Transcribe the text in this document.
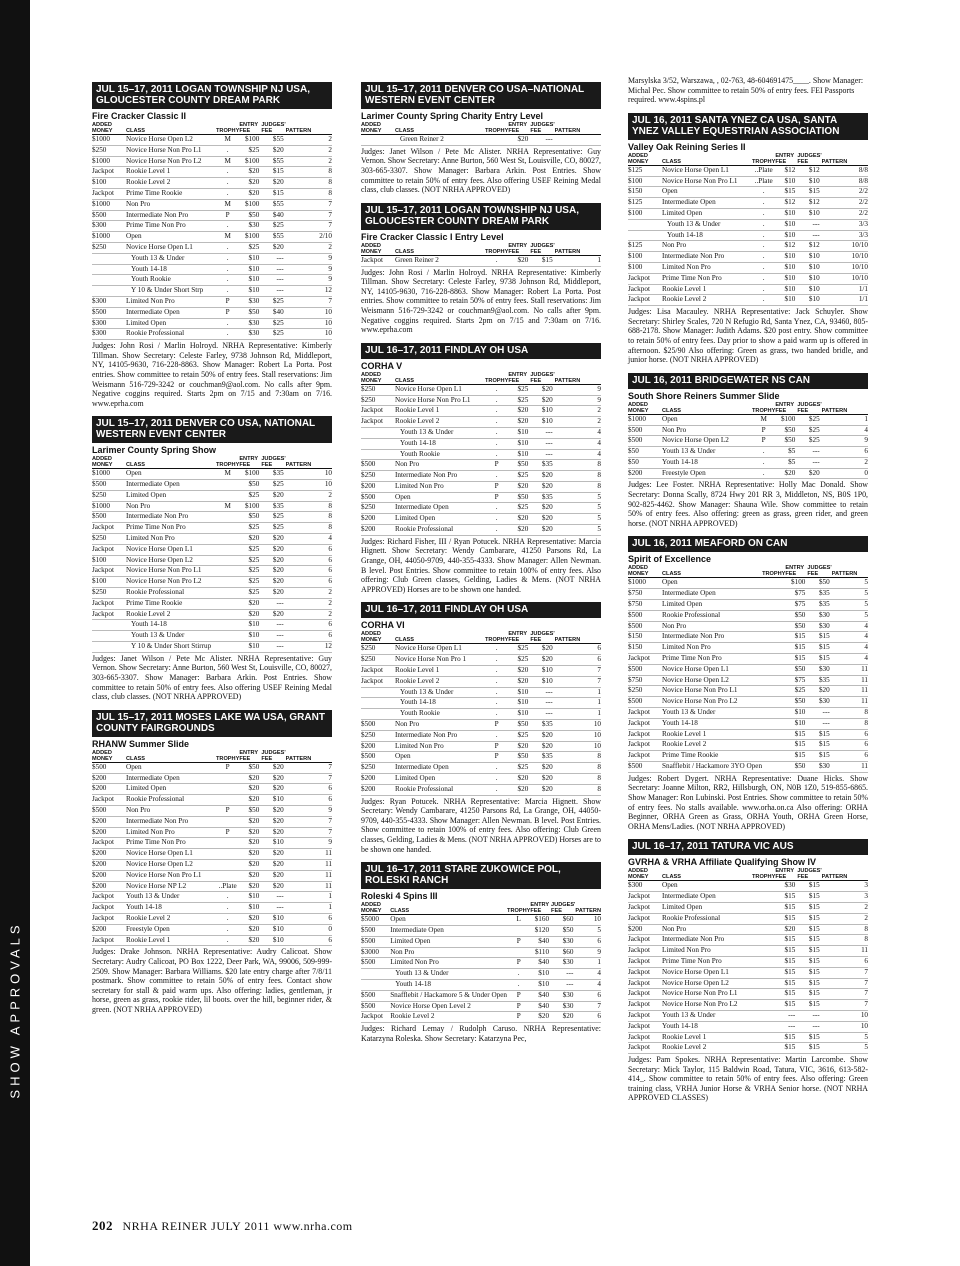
SHOW APPROVALS
JUL 15–17, 2011 LOGAN TOWNSHIP NJ USA, GLOUCESTER COUNTY DREAM PARK
Fire Cracker Classic II
ADDED
MONEY	CLASS	TROPHY	ENTRY
FEE	JUDGES'
FEE	PATTERN
$1000	Novice Horse Open L2	M	$100	$55	2
$250	Novice Horse Non Pro L1	.	$25	$20	2
$1000	Novice Horse Non Pro L2	M	$100	$55	2
Jackpot	Rookie Level 1	.	$20	$15	8
$100	Rookie Level 2	.	$20	$20	8
Jackpot	Prime Time Rookie	.	$20	$15	8
$1000	Non Pro	M	$100	$55	7
$500	Intermediate Non Pro	P	$50	$40	7
$300	Prime Time Non Pro	.	$30	$25	7
$1000	Open	M	$100	$55	2/10
$250	Novice Horse Open L1	.	$25	$20	2
	Youth 13 & Under	.	$10	---	9
	Youth 14-18	.	$10	---	9
	Youth Rookie	.	$10	---	9
	Y 10 & Under Short Strp	.	$10	---	12
$300	Limited Non Pro	P	$30	$25	7
$500	Intermediate Open	P	$50	$40	10
$300	Limited Open	.	$30	$25	10
$300	Rookie Professional	.	$30	$25	10
Judges: John Rosi / Marlin Holroyd. NRHA Representative: Kimberly Tillman. Show Secretary: Celeste Farley, 9738 Johnson Rd, Middleport, NY, 14105-9630, 716-228-8863. Show Manager: Robert La Porta. Post entries. Show committee to retain 50% of entry fees. Stall reservations: Jim Weismann 516-729-3242 or couchman9@aol.com. No calls after 9pm. Negative coggins required. Starts 2pm on 7/15 and 7:30am on 7/16. www.eprha.com
JUL 15–17, 2011 DENVER CO USA, NATIONAL WESTERN EVENT CENTER
Larimer County Spring Show
ADDED
MONEY	CLASS	TROPHY	ENTRY
FEE	JUDGES'
FEE	PATTERN
$1000	Open	M	$100	$35	10
$500	Intermediate Open		$50	$25	10
$250	Limited Open		$25	$20	2
$1000	Non Pro	M	$100	$35	8
$500	Intermediate Non Pro		$50	$25	8
Jackpot	Prime Time Non Pro		$25	$25	8
$250	Limited Non Pro		$20	$20	4
Jackpot	Novice Horse Open L1		$25	$20	6
$100	Novice Horse Open L2		$25	$20	6
Jackpot	Novice Horse Non Pro L1		$25	$20	6
$100	Novice Horse Non Pro L2		$25	$20	6
$250	Rookie Professional		$25	$20	2
Jackpot	Prime Time Rookie		$20	---	2
Jackpot	Rookie Level 2		$20	$20	2
	Youth 14-18		$10	---	6
	Youth 13 & Under		$10	---	6
	Y 10 & Under Short Stirrup		$10	---	12
Judges: Janet Wilson / Pete Mc Alister. NRHA Representative: Guy Vernon. Show Secretary: Anne Burton, 560 West St, Louisville, CO, 80027, 303-665-3307. Show Manager: Barbara Arkin. Post Entries. Show committee to retain 50% of entry fees. Also offering USEF Reining Medal class, club classes. (NOT NRHA APPROVED)
JUL 15–17, 2011 MOSES LAKE WA USA, GRANT COUNTY FAIRGROUNDS
RHANW Summer Slide
ADDED
MONEY	CLASS	TROPHY	ENTRY
FEE	JUDGES'
FEE	PATTERN
$500	Open	P	$50	$20	7
$200	Intermediate Open		$20	$20	7
$200	Limited Open		$20	$20	6
Jackpot	Rookie Professional		$20	$10	6
$500	Non Pro	P	$50	$20	9
$200	Intermediate Non Pro		$20	$20	7
$200	Limited Non Pro	P	$20	$20	7
Jackpot	Prime Time Non Pro		$20	$10	9
$200	Novice Horse Open L1		$20	$20	11
$200	Novice Horse Open L2		$20	$20	11
$200	Novice Horse Non Pro L1		$20	$20	11
$200	Novice Horse NP L2	..Plate	$20	$20	11
Jackpot	Youth 13 & Under	.	$10	---	1
Jackpot	Youth 14-18	.	$10	---	1
Jackpot	Rookie Level 2	.	$20	$10	6
$200	Freestyle Open	.	$20	$10	0
Jackpot	Rookie Level 1	.	$20	$10	6
Judges: Drake Johnson. NRHA Representative: Audry Calicoat. Show Secretary: Audry Calicoat, PO Box 1222, Deer Park, WA, 99006, 509-999-2509. Show Manager: Barbara Williams. $20 late entry charge after 7/8/11 postmark. Show committee to retain 50% of entry fees. Contact show secretary for stall & paid warm ups. Also offering: ladies, gentleman, jr horse, green as grass, rookie rider, lil boots. over the hill, beginner rider, & green. (NOT NRHA APPROVED)
JUL 15–17, 2011 DENVER CO USA–NATIONAL WESTERN EVENT CENTER
Larimer County Spring Charity Entry Level
ADDED
MONEY	CLASS	TROPHY	ENTRY
FEE	JUDGES'
FEE	PATTERN
	Green Reiner 2		$20	---	
Judges: Janet Wilson / Pete Mc Alister. NRHA Representative: Guy Vernon. Show Secretary: Anne Burton, 560 West St, Louisville, CO, 80027, 303-665-3307. Show Manager: Barbara Arkin. Post Entries. Show committee to retain 50% of entry fees. Also offering USEF Reining Medal class, club classes. (NOT NRHA APPROVED)
JUL 15–17, 2011 LOGAN TOWNSHIP NJ USA, GLOUCESTER COUNTY DREAM PARK
Fire Cracker Classic I Entry Level
ADDED
MONEY	CLASS	TROPHY	ENTRY
FEE	JUDGES'
FEE	PATTERN
Jackpot	Green Reiner 2	.	$20	$15	1
Judges: John Rosi / Marlin Holroyd. NRHA Representative: Kimberly Tillman. Show Secretary: Celeste Farley, 9738 Johnson Rd, Middleport, NY, 14105-9630, 716-228-8863. Show Manager: Robert La Porta. Post entries. Show committee to retain 50% of entry fees. Stall reservations: Jim Weismann 516-729-3242 or couchman9@aol.com. No calls after 9pm. Negative coggins required. Starts 2pm on 7/15 and 7:30am on 7/16. www.eprha.com
JUL 16–17, 2011 FINDLAY OH USA
CORHA V
ADDED
MONEY	CLASS	TROPHY	ENTRY
FEE	JUDGES'
FEE	PATTERN
$250	Novice Horse Open L1	.	$25	$20	9
$250	Novice Horse Non Pro L1	.	$25	$20	9
Jackpot	Rookie Level 1	.	$20	$10	2
Jackpot	Rookie Level 2	.	$20	$10	2
	Youth 13 & Under	.	$10	---	4
	Youth 14-18	.	$10	---	4
	Youth Rookie	.	$10	---	4
$500	Non Pro	P	$50	$35	8
$250	Intermediate Non Pro	.	$25	$20	8
$200	Limited Non Pro	P	$20	$20	8
$500	Open	P	$50	$35	5
$250	Intermediate Open	.	$25	$20	5
$200	Limited Open	.	$20	$20	5
$200	Rookie Professional	.	$20	$20	5
Judges: Richard Fisher, III / Ryan Potucek. NRHA Representative: Marcia Hignett. Show Secretary: Wendy Cambarare, 41250 Parsons Rd, La Grange, OH, 44050-9709, 440-355-4333. Show Manager: Allen Newman. B level. Post Entries. Show committee to retain 100% of entry fees. Also offering: Club Green classes, Gelding, Ladies & Mens. (NOT NRHA APPROVED) Horses are to be shown one handed.
JUL 16–17, 2011 FINDLAY OH USA
CORHA VI
ADDED
MONEY	CLASS	TROPHY	ENTRY
FEE	JUDGES'
FEE	PATTERN
$250	Novice Horse Open L1	.	$25	$20	6
$250	Novice Horse Non Pro 1	.	$25	$20	6
Jackpot	Rookie Level 1	.	$20	$10	7
Jackpot	Rookie Level 2	.	$20	$10	7
	Youth 13 & Under	.	$10	---	1
	Youth 14-18	.	$10	---	1
	Youth Rookie	.	$10	---	1
$500	Non Pro	P	$50	$35	10
$250	Intermediate Non Pro	.	$25	$20	10
$200	Limited Non Pro	P	$20	$20	10
$500	Open	P	$50	$35	8
$250	Intermediate Open	.	$25	$20	8
$200	Limited Open	.	$20	$20	8
$200	Rookie Professional	.	$20	$20	8
Judges: Ryan Potucek. NRHA Representative: Marcia Hignett. Show Secretary: Wendy Cambarare, 41250 Parsons Rd, La Grange, OH, 44050-9709, 440-355-4333. Show Manager: Allen Newman. B level. Post Entries. Show committee to retain 100% of entry fees. Also offering: Club Green classes, Gelding, Ladies & Mens. (NOT NRHA APPROVED) Horses are to be shown one handed.
JUL 16–17, 2011 STARE ZUKOWICE POL, ROLESKI RANCH
Roleski 4 Spins III
ADDED
MONEY	CLASS	TROPHY	ENTRY
FEE	JUDGES'
FEE	PATTERN
$5000	Open	L	$160	$60	10
$500	Intermediate Open		$120	$50	5
$500	Limited Open	P	$40	$30	6
$3000	Non Pro		$110	$60	9
$500	Limited Non Pro	P	$40	$30	1
	Youth 13 & Under	.	$10	---	4
	Youth 14-18	.	$10	---	4
$500	Snafflebit / Hackamore 5 & Under Open	P	$40	$30	6
$500	Novice Horse Open Level 2	P	$40	$30	7
Jackpot	Rookie Level 2	P	$20	$20	6
Judges: Richard Lemay / Rudolph Caruso. NRHA Representative: Katarzyna Roleska. Show Secretary: Katarzyna Pec,
Marsylska 3/52, Warszawa, , 02-763, 48-604691475____. Show Manager: Michal Pec. Show committee to retain 50% of entry fees. FEI Passports required. www.4spins.pl
JUL 16, 2011 SANTA YNEZ CA USA, SANTA YNEZ VALLEY EQUESTRIAN ASSOCIATION
Valley Oak Reining Series II
ADDED
MONEY	CLASS	TROPHY	ENTRY
FEE	JUDGES'
FEE	PATTERN
$125	Novice Horse Open L1	..Plate	$12	$12	8/8
$100	Novice Horse Non Pro L1	..Plate	$10	$10	8/8
$150	Open	.	$15	$15	2/2
$125	Intermediate Open	.	$12	$12	2/2
$100	Limited Open	.	$10	$10	2/2
	Youth 13 & Under	.	$10	---	3/3
	Youth 14-18	.	$10	---	3/3
$125	Non Pro	.	$12	$12	10/10
$100	Intermediate Non Pro	.	$10	$10	10/10
$100	Limited Non Pro	.	$10	$10	10/10
Jackpot	Prime Time Non Pro	.	$10	$10	10/10
Jackpot	Rookie Level 1	.	$10	$10	1/1
Jackpot	Rookie Level 2	.	$10	$10	1/1
Judges: Lisa Macauley. NRHA Representative: Jack Schuyler. Show Secretary: Shirley Scales, 720 N Refugio Rd, Santa Ynez, CA, 93460, 805-688-2178. Show Manager: Judith Adams. $20 post entry. Show committee to retain 50% of entry fees. Day prior to show a paid warm up is offered in afternoon. $25/90 Also offering: Green as grass, two handed bridle, and junior horse. (NOT NRHA APPROVED)
JUL 16, 2011 BRIDGEWATER NS CAN
South Shore Reiners Summer Slide
ADDED
MONEY	CLASS	TROPHY	ENTRY
FEE	JUDGES'
FEE	PATTERN
$1000	Open	M	$100	$25	1
$500	Non Pro	P	$50	$25	4
$500	Novice Horse Open L2	P	$50	$25	9
$50	Youth 13 & Under	.	$5	---	6
$50	Youth 14-18	.	$5	---	2
$200	Freestyle Open	.	$20	$20	0
Judges: Lee Foster. NRHA Representative: Holly Mac Donald. Show Secretary: Donna Scally, 8724 Hwy 201 RR 3, Middleton, NS, B0S 1P0, 902-825-4462. Show Manager: Shauna Wile. Show committee to retain 50% of entry fees. Also offering: green as grass, green rider, and green horse. (NOT NRHA APPROVED)
JUL 16, 2011 MEAFORD ON CAN
Spirit of Excellence
ADDED
MONEY	CLASS	TROPHY	ENTRY
FEE	JUDGES'
FEE	PATTERN
$1000	Open		$100	$50	5
$750	Intermediate Open		$75	$35	5
$750	Limited Open		$75	$35	5
$500	Rookie Professional		$50	$30	5
$500	Non Pro		$50	$30	4
$150	Intermediate Non Pro		$15	$15	4
$150	Limited Non Pro		$15	$15	4
Jackpot	Prime Time Non Pro		$15	$15	4
$500	Novice Horse Open L1		$50	$30	11
$750	Novice Horse Open L2		$75	$35	11
$250	Novice Horse Non Pro L1		$25	$20	11
$500	Novice Horse Non Pro L2		$50	$30	11
Jackpot	Youth 13 & Under		$10	---	8
Jackpot	Youth 14-18		$10	---	8
Jackpot	Rookie Level 1		$15	$15	6
Jackpot	Rookie Level 2		$15	$15	6
Jackpot	Prime Time Rookie		$15	$15	6
$500	Snafflebit / Hackamore 3YO Open		$50	$30	11
Judges: Robert Dygert. NRHA Representative: Duane Hicks. Show Secretary: Joanne Milton, RR2, Hillsburgh, ON, N0B 1Z0, 519-855-6865. Show Manager: Ron Lubinski. Post Entries. Show committee to retain 50% of entry fees. No stalls available. www.orha.on.ca Also offering: ORHA Beginner, ORHA Green as Grass, ORHA Youth, ORHA Green Horse, ORHA Mens/Ladies. (NOT NRHA APPROVED)
JUL 16–17, 2011 TATURA VIC AUS
GVRHA & VRHA Affiliate Qualifying Show IV
ADDED
MONEY	CLASS	TROPHY	ENTRY
FEE	JUDGES'
FEE	PATTERN
$300	Open		$30	$15	3
Jackpot	Intermediate Open		$15	$15	3
Jackpot	Limited Open		$15	$15	2
Jackpot	Rookie Professional		$15	$15	2
$200	Non Pro		$20	$15	8
Jackpot	Intermediate Non Pro		$15	$15	8
Jackpot	Limited Non Pro		$15	$15	11
Jackpot	Prime Time Non Pro		$15	$15	6
Jackpot	Novice Horse Open L1		$15	$15	7
Jackpot	Novice Horse Open L2		$15	$15	7
Jackpot	Novice Horse Non Pro L1		$15	$15	7
Jackpot	Novice Horse Non Pro L2		$15	$15	7
Jackpot	Youth 13 & Under		---	---	10
Jackpot	Youth 14-18		---	---	10
Jackpot	Rookie Level 1		$15	$15	5
Jackpot	Rookie Level 2		$15	$15	5
Judges: Pam Spokes. NRHA Representative: Martin Larcombe. Show Secretary: Mick Taylor, 115 Baldwin Road, Tatura, VIC, 3616, 613-582-414_. Show committee to retain 50% of entry fees. Also offering: Green training class, VRHA Junior Horse & VRHA Senior horse. (NOT NRHA APPROVED CLASSES)
202 NRHA REINER JULY 2011 www.nrha.com
